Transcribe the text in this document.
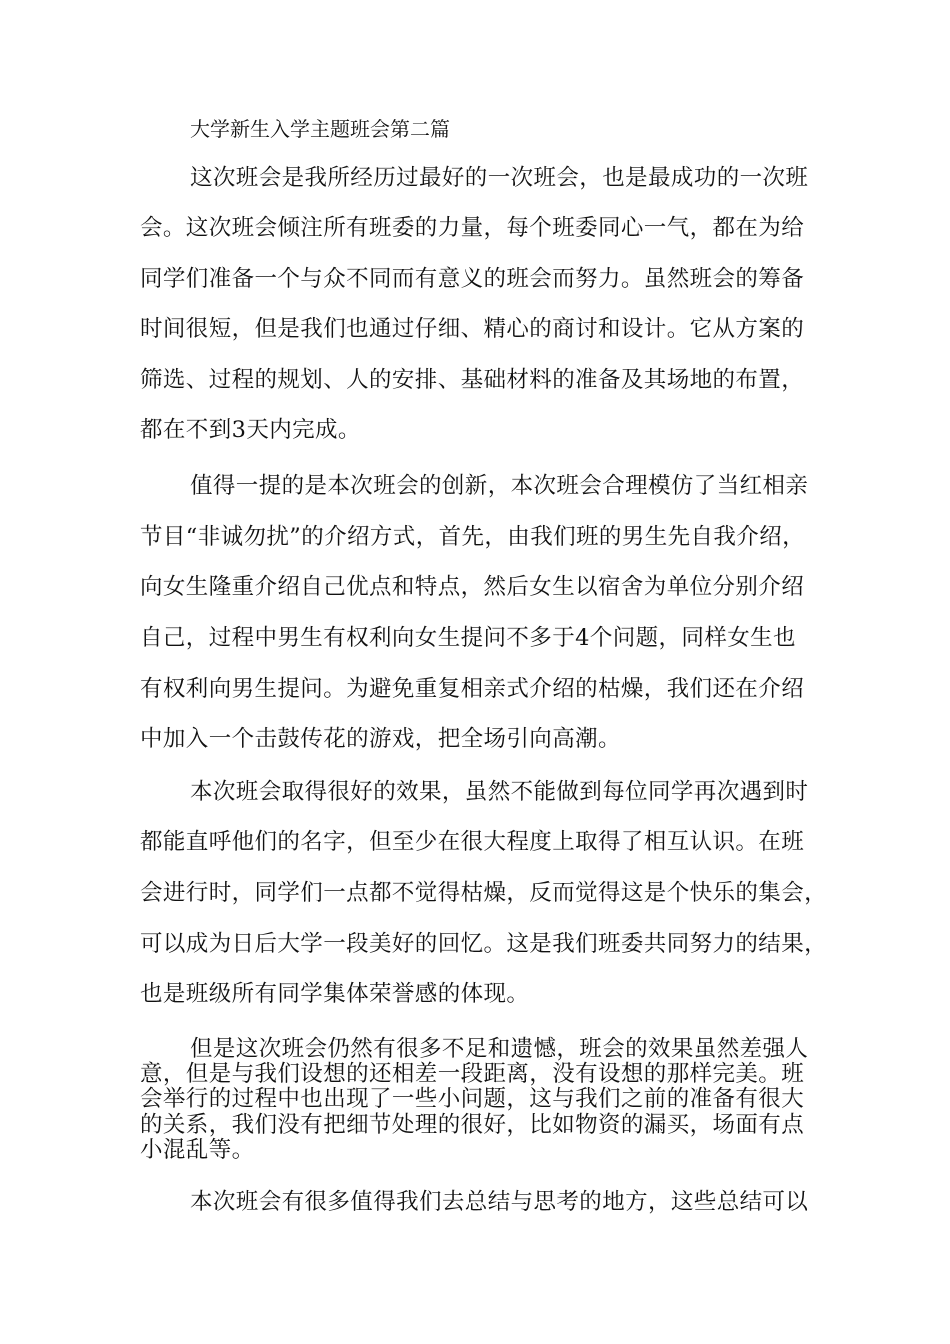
大学新生入学主题班会第二篇
这次班会是我所经历过最好的一次班会，也是最成功的一次班
会。这次班会倾注所有班委的力量，每个班委同心一气，都在为给
同学们准备一个与众不同而有意义的班会而努力。虽然班会的筹备
时间很短，但是我们也通过仔细、精心的商讨和设计。它从方案的
筛选、过程的规划、人的安排、基础材料的准备及其场地的布置，
都在不到3天内完成。
值得一提的是本次班会的创新，本次班会合理模仿了当红相亲
节目“非诚勿扰”的介绍方式，首先，由我们班的男生先自我介绍，
向女生隆重介绍自己优点和特点，然后女生以宿舍为单位分别介绍
自己，过程中男生有权利向女生提问不多于4个问题，同样女生也
有权利向男生提问。为避免重复相亲式介绍的枯燥，我们还在介绍
中加入一个击鼓传花的游戏，把全场引向高潮。
本次班会取得很好的效果，虽然不能做到每位同学再次遇到时
都能直呼他们的名字，但至少在很大程度上取得了相互认识。在班
会进行时，同学们一点都不觉得枯燥，反而觉得这是个快乐的集会，
可以成为日后大学一段美好的回忆。这是我们班委共同努力的结果，
也是班级所有同学集体荣誉感的体现。
但是这次班会仍然有很多不足和遗憾，班会的效果虽然差强人
意，但是与我们设想的还相差一段距离，没有设想的那样完美。班
会举行的过程中也出现了一些小问题，这与我们之前的准备有很大
的关系，我们没有把细节处理的很好，比如物资的漏买，场面有点
小混乱等。
本次班会有很多值得我们去总结与思考的地方，这些总结可以
